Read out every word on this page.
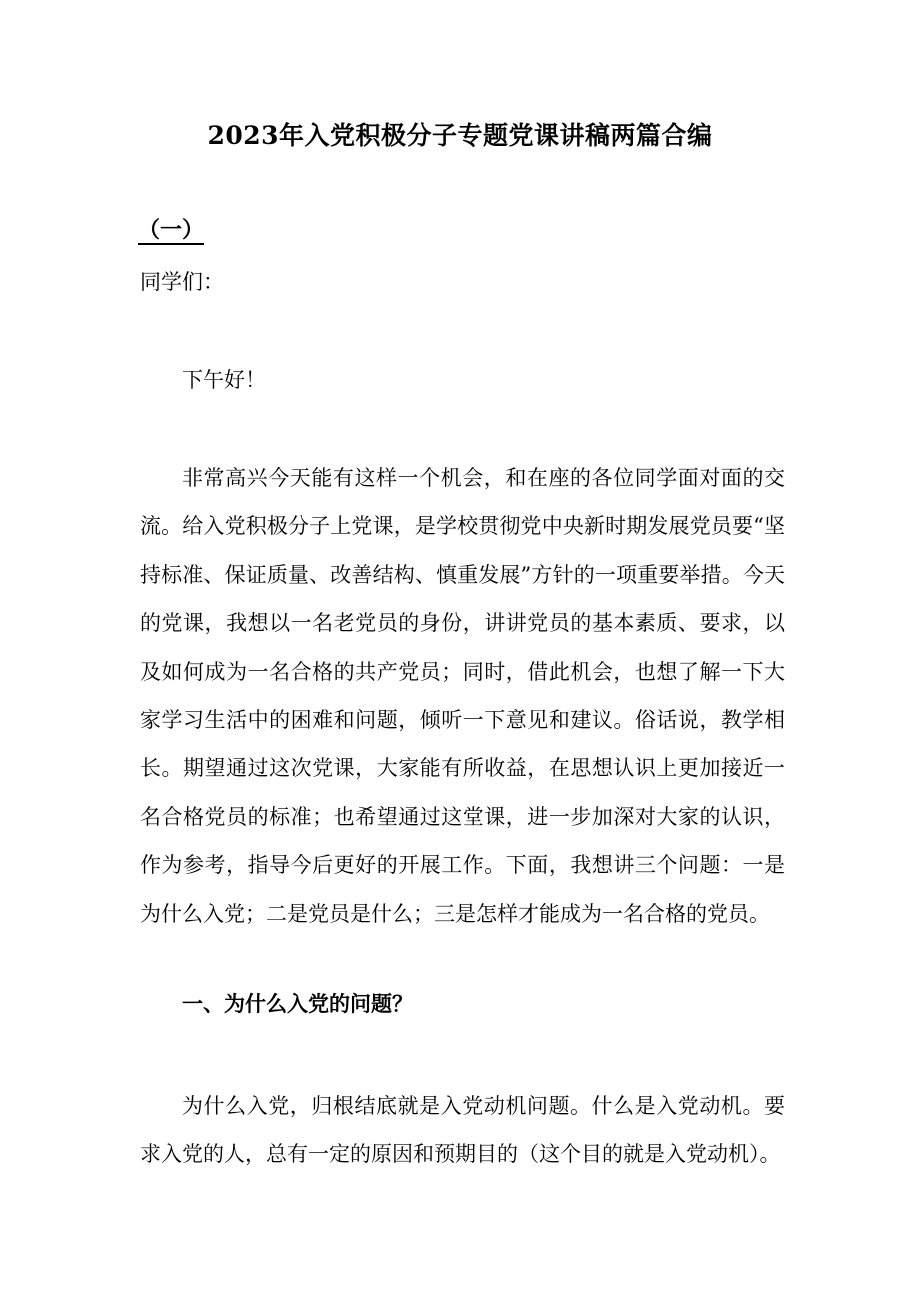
2023年入党积极分子专题党课讲稿两篇合编
（一）
同学们：
下午好！

非常高兴今天能有这样一个机会，和在座的各位同学面对面的交流。给入党积极分子上党课，是学校贯彻党中央新时期发展党员要“坚持标准、保证质量、改善结构、慎重发展”方针的一项重要举措。今天的党课，我想以一名老党员的身份，讲讲党员的基本素质、要求，以及如何成为一名合格的共产党员；同时，借此机会，也想了解一下大家学习生活中的困难和问题，倾听一下意见和建议。俗话说，教学相长。期望通过这次党课，大家能有所收益，在思想认识上更加接近一名合格党员的标准；也希望通过这堂课，进一步加深对大家的认识，作为参考，指导今后更好的开展工作。下面，我想讲三个问题：一是为什么入党；二是党员是什么；三是怎样才能成为一名合格的党员。

一、为什么入党的问题？

为什么入党，归根结底就是入党动机问题。什么是入党动机。要求入党的人，总有一定的原因和预期目的（这个目的就是入党动机）。
